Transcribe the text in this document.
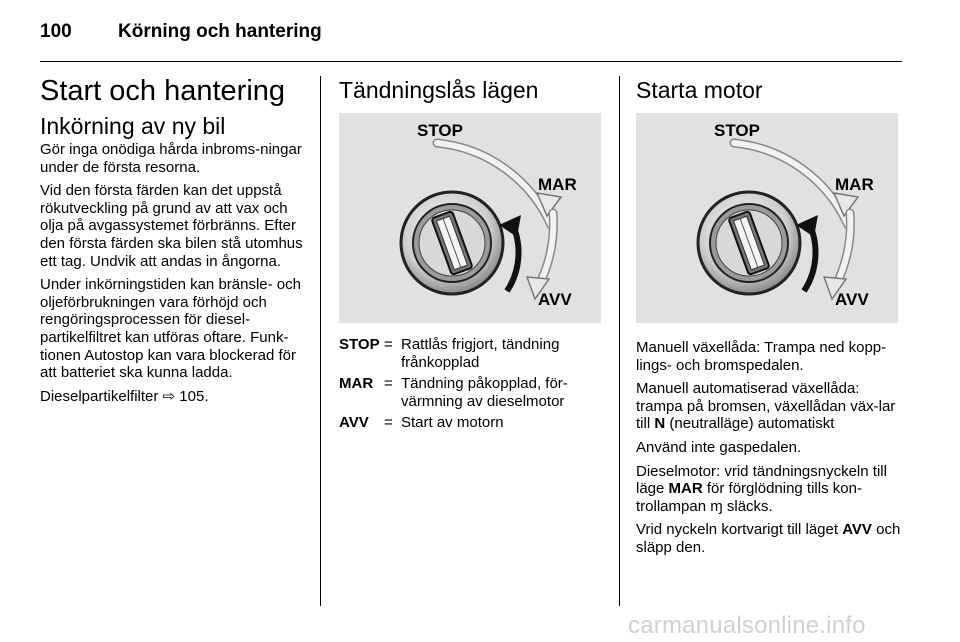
100 Körning och hantering
Start och hantering
Inkörning av ny bil

Gör inga onödiga hårda inbroms-ningar under de första resorna.

Vid den första färden kan det uppstå rökutveckling på grund av att vax och olja på avgassystemet förbränns. Efter den första färden ska bilen stå utomhus ett tag. Undvik att andas in ångorna.

Under inkörningstiden kan bränsle- och oljeförbrukningen vara förhöjd och rengöringsprocessen för diesel-partikelfiltret kan utföras oftare. Funk-tionen Autostop kan vara blockerad för att batteriet ska kunna ladda.

Dieselpartikelfilter ⇨ 105.

Tändningslås lägen
STOP
MAR
AVV
STOP = Rattlås frigjort, tändning frånkopplad
MAR = Tändning påkopplad, för-värmning av dieselmotor
AVV	= Start av motorn
Starta motor
STOP
MAR
AVV

Manuell växellåda: Trampa ned kopp-lings- och bromspedalen.

Manuell automatiserad växellåda: trampa på bromsen, växellådan väx-lar till N (neutralläge) automatiskt

Använd inte gaspedalen.

Dieselmotor: vrid tändningsnyckeln till läge MAR för förglödning tills kon-trollampan ɱ släcks.

Vrid nyckeln kortvarigt till läget AVV och släpp den.

carmanualsonline.info
